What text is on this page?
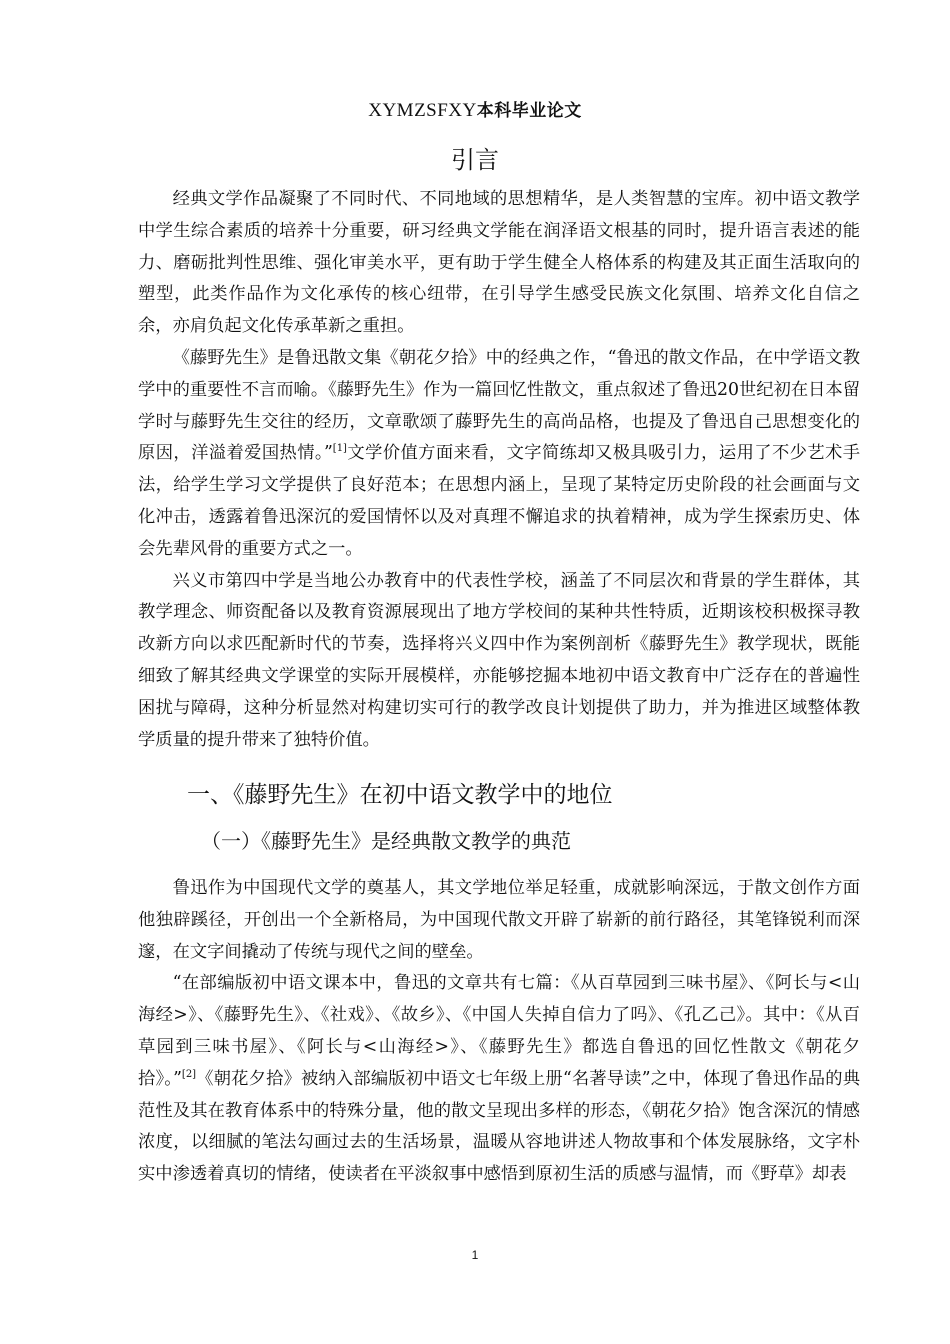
XYMZSFXY本科毕业论文
引言

经典文学作品凝聚了不同时代、不同地域的思想精华，是人类智慧的宝库。初中语文教学中学生综合素质的培养十分重要，研习经典文学能在润泽语文根基的同时，提升语言表述的能力、磨砺批判性思维、强化审美水平，更有助于学生健全人格体系的构建及其正面生活取向的塑型，此类作品作为文化承传的核心纽带，在引导学生感受民族文化氛围、培养文化自信之余，亦肩负起文化传承革新之重担。

《藤野先生》是鲁迅散文集《朝花夕拾》中的经典之作，“鲁迅的散文作品，在中学语文教学中的重要性不言而喻。《藤野先生》作为一篇回忆性散文，重点叙述了鲁迅20世纪初在日本留学时与藤野先生交往的经历，文章歌颂了藤野先生的高尚品格，也提及了鲁迅自己思想变化的原因，洋溢着爱国热情。”[1]文学价值方面来看，文字简练却又极具吸引力，运用了不少艺术手法，给学生学习文学提供了良好范本；在思想内涵上，呈现了某特定历史阶段的社会画面与文化冲击，透露着鲁迅深沉的爱国情怀以及对真理不懈追求的执着精神，成为学生探索历史、体会先辈风骨的重要方式之一。

兴义市第四中学是当地公办教育中的代表性学校，涵盖了不同层次和背景的学生群体，其教学理念、师资配备以及教育资源展现出了地方学校间的某种共性特质，近期该校积极探寻教改新方向以求匹配新时代的节奏，选择将兴义四中作为案例剖析《藤野先生》教学现状，既能细致了解其经典文学课堂的实际开展模样，亦能够挖掘本地初中语文教育中广泛存在的普遍性困扰与障碍，这种分析显然对构建切实可行的教学改良计划提供了助力，并为推进区域整体教学质量的提升带来了独特价值。

一、《藤野先生》在初中语文教学中的地位
（一）《藤野先生》是经典散文教学的典范

鲁迅作为中国现代文学的奠基人，其文学地位举足轻重，成就影响深远，于散文创作方面他独辟蹊径，开创出一个全新格局，为中国现代散文开辟了崭新的前行路径，其笔锋锐利而深邃，在文字间撬动了传统与现代之间的壁垒。

“在部编版初中语文课本中，鲁迅的文章共有七篇：《从百草园到三味书屋》、《阿长与<山海经>》、《藤野先生》、《社戏》、《故乡》、《中国人失掉自信力了吗》、《孔乙己》。其中：《从百草园到三味书屋》、《阿长与<山海经>》、《藤野先生》都选自鲁迅的回忆性散文《朝花夕拾》。”[2]《朝花夕拾》被纳入部编版初中语文七年级上册“名著导读”之中，体现了鲁迅作品的典范性及其在教育体系中的特殊分量，他的散文呈现出多样的形态，《朝花夕拾》饱含深沉的情感浓度，以细腻的笔法勾画过去的生活场景，温暖从容地讲述人物故事和个体发展脉络，文字朴实中渗透着真切的情绪，使读者在平淡叙事中感悟到原初生活的质感与温情，而《野草》却表

1
